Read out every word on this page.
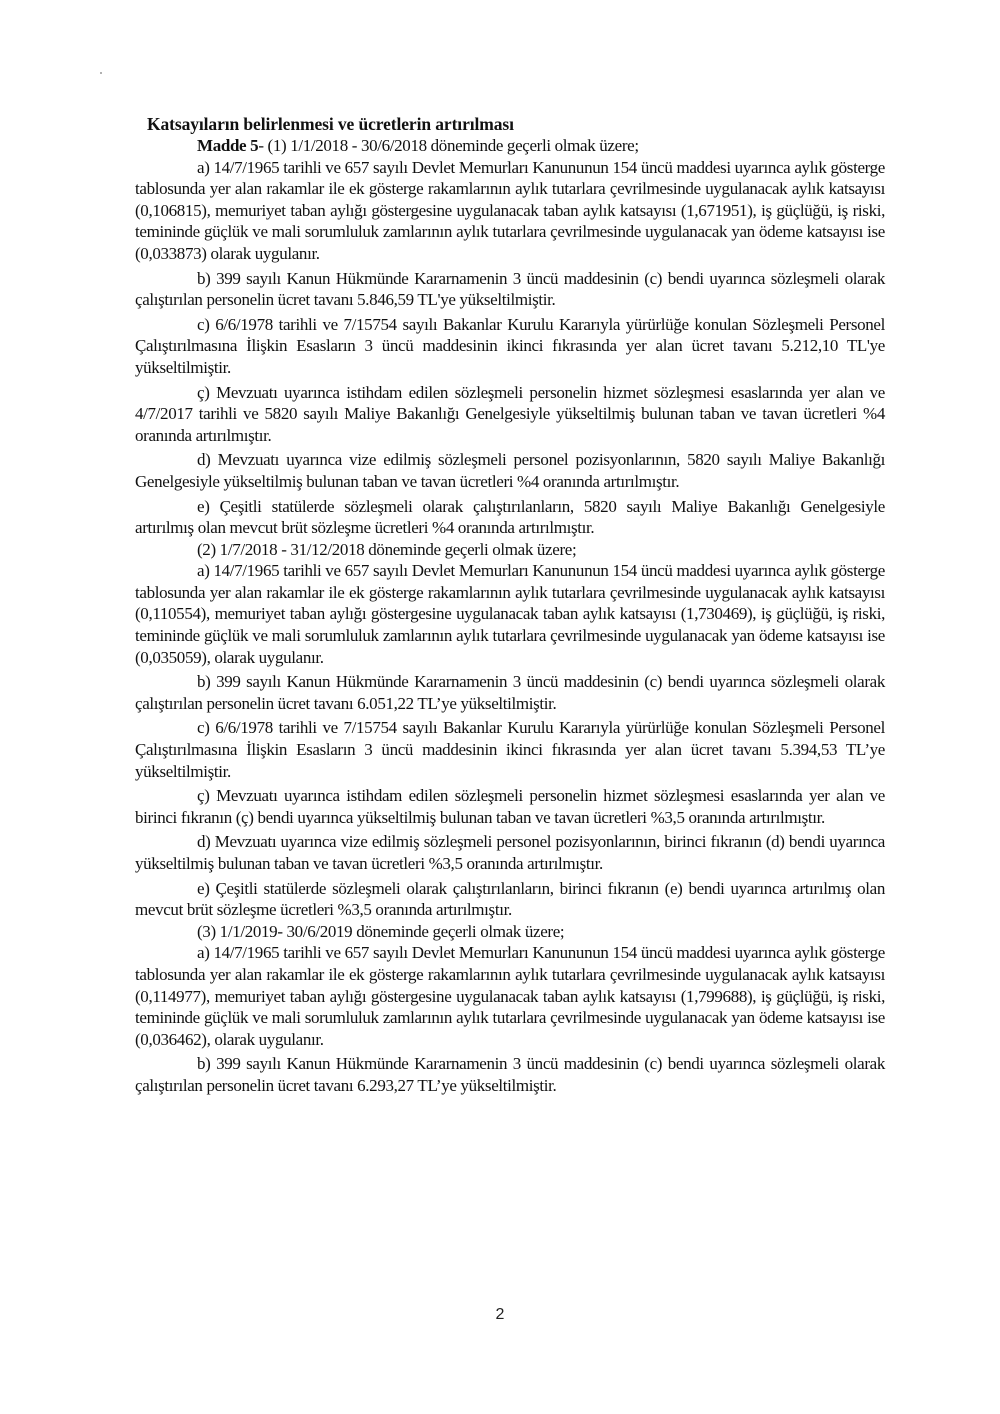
Katsayıların belirlenmesi ve ücretlerin artırılması

Madde 5- (1) 1/1/2018 - 30/6/2018 döneminde geçerli olmak üzere;

a) 14/7/1965 tarihli ve 657 sayılı Devlet Memurları Kanununun 154 üncü maddesi uyarınca aylık gösterge tablosunda yer alan rakamlar ile ek gösterge rakamlarının aylık tutarlara çevrilmesinde uygulanacak aylık katsayısı (0,106815), memuriyet taban aylığı göstergesine uygulanacak taban aylık katsayısı (1,671951), iş güçlüğü, iş riski, temininde güçlük ve mali sorumluluk zamlarının aylık tutarlara çevrilmesinde uygulanacak yan ödeme katsayısı ise (0,033873) olarak uygulanır.

b) 399 sayılı Kanun Hükmünde Kararnamenin 3 üncü maddesinin (c) bendi uyarınca sözleşmeli olarak çalıştırılan personelin ücret tavanı 5.846,59 TL'ye yükseltilmiştir.

c) 6/6/1978 tarihli ve 7/15754 sayılı Bakanlar Kurulu Kararıyla yürürlüğe konulan Sözleşmeli Personel Çalıştırılmasına İlişkin Esasların 3 üncü maddesinin ikinci fıkrasında yer alan ücret tavanı 5.212,10 TL'ye yükseltilmiştir.

ç) Mevzuatı uyarınca istihdam edilen sözleşmeli personelin hizmet sözleşmesi esaslarında yer alan ve 4/7/2017 tarihli ve 5820 sayılı Maliye Bakanlığı Genelgesiyle yükseltilmiş bulunan taban ve tavan ücretleri %4 oranında artırılmıştır.

d) Mevzuatı uyarınca vize edilmiş sözleşmeli personel pozisyonlarının, 5820 sayılı Maliye Bakanlığı Genelgesiyle yükseltilmiş bulunan taban ve tavan ücretleri %4 oranında artırılmıştır.

e) Çeşitli statülerde sözleşmeli olarak çalıştırılanların, 5820 sayılı Maliye Bakanlığı Genelgesiyle artırılmış olan mevcut brüt sözleşme ücretleri %4 oranında artırılmıştır.

(2) 1/7/2018 - 31/12/2018 döneminde geçerli olmak üzere;

a) 14/7/1965 tarihli ve 657 sayılı Devlet Memurları Kanununun 154 üncü maddesi uyarınca aylık gösterge tablosunda yer alan rakamlar ile ek gösterge rakamlarının aylık tutarlara çevrilmesinde uygulanacak aylık katsayısı (0,110554), memuriyet taban aylığı göstergesine uygulanacak taban aylık katsayısı (1,730469), iş güçlüğü, iş riski, temininde güçlük ve mali sorumluluk zamlarının aylık tutarlara çevrilmesinde uygulanacak yan ödeme katsayısı ise (0,035059), olarak uygulanır.

b) 399 sayılı Kanun Hükmünde Kararnamenin 3 üncü maddesinin (c) bendi uyarınca sözleşmeli olarak çalıştırılan personelin ücret tavanı 6.051,22 TL’ye yükseltilmiştir.

c) 6/6/1978 tarihli ve 7/15754 sayılı Bakanlar Kurulu Kararıyla yürürlüğe konulan Sözleşmeli Personel Çalıştırılmasına İlişkin Esasların 3 üncü maddesinin ikinci fıkrasında yer alan ücret tavanı 5.394,53 TL’ye yükseltilmiştir.

ç) Mevzuatı uyarınca istihdam edilen sözleşmeli personelin hizmet sözleşmesi esaslarında yer alan ve birinci fıkranın (ç) bendi uyarınca yükseltilmiş bulunan taban ve tavan ücretleri %3,5 oranında artırılmıştır.

d) Mevzuatı uyarınca vize edilmiş sözleşmeli personel pozisyonlarının, birinci fıkranın (d) bendi uyarınca yükseltilmiş bulunan taban ve tavan ücretleri %3,5 oranında artırılmıştır.

e) Çeşitli statülerde sözleşmeli olarak çalıştırılanların, birinci fıkranın (e) bendi uyarınca artırılmış olan mevcut brüt sözleşme ücretleri %3,5 oranında artırılmıştır.

(3) 1/1/2019- 30/6/2019 döneminde geçerli olmak üzere;

a) 14/7/1965 tarihli ve 657 sayılı Devlet Memurları Kanununun 154 üncü maddesi uyarınca aylık gösterge tablosunda yer alan rakamlar ile ek gösterge rakamlarının aylık tutarlara çevrilmesinde uygulanacak aylık katsayısı (0,114977), memuriyet taban aylığı göstergesine uygulanacak taban aylık katsayısı (1,799688), iş güçlüğü, iş riski, temininde güçlük ve mali sorumluluk zamlarının aylık tutarlara çevrilmesinde uygulanacak yan ödeme katsayısı ise (0,036462), olarak uygulanır.

b) 399 sayılı Kanun Hükmünde Kararnamenin 3 üncü maddesinin (c) bendi uyarınca sözleşmeli olarak çalıştırılan personelin ücret tavanı 6.293,27 TL’ye yükseltilmiştir.

2
